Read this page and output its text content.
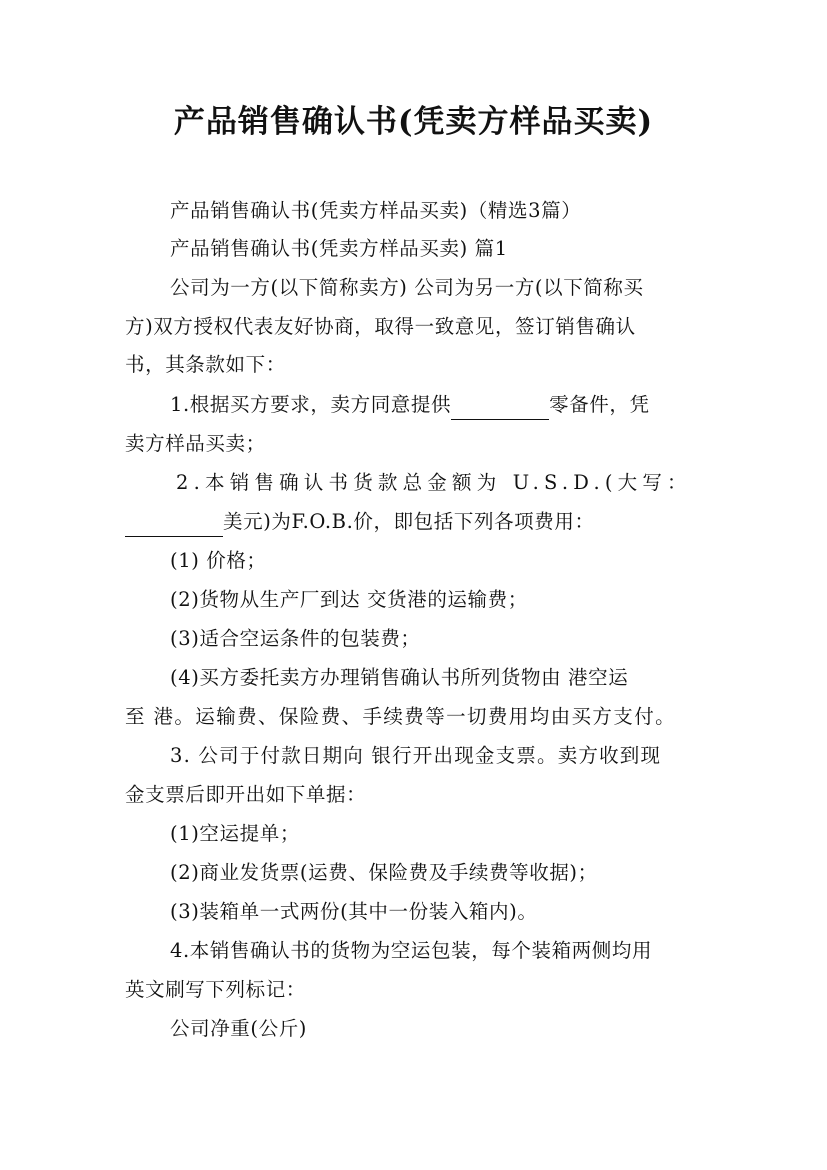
产品销售确认书(凭卖方样品买卖)
产品销售确认书(凭卖方样品买卖)（精选3篇）
产品销售确认书(凭卖方样品买卖) 篇1
公司为一方(以下简称卖方) 公司为另一方(以下简称买
方)双方授权代表友好协商，取得一致意见，签订销售确认
书，其条款如下：
1.根据买方要求，卖方同意提供	零备件，凭
卖方样品买卖；
2.本销售确认书货款总金额为 U.S.D.(大写：
美元)为F.O.B.价，即包括下列各项费用：
(1) 价格；
(2)货物从生产厂到达 交货港的运输费；
(3)适合空运条件的包装费；
(4)买方委托卖方办理销售确认书所列货物由 港空运
至 港。运输费、保险费、手续费等一切费用均由买方支付。
3. 公司于付款日期向 银行开出现金支票。卖方收到现
金支票后即开出如下单据：
(1)空运提单；
(2)商业发货票(运费、保险费及手续费等收据)；
(3)装箱单一式两份(其中一份装入箱内)。
4.本销售确认书的货物为空运包装，每个装箱两侧均用
英文刷写下列标记：
公司净重(公斤)
